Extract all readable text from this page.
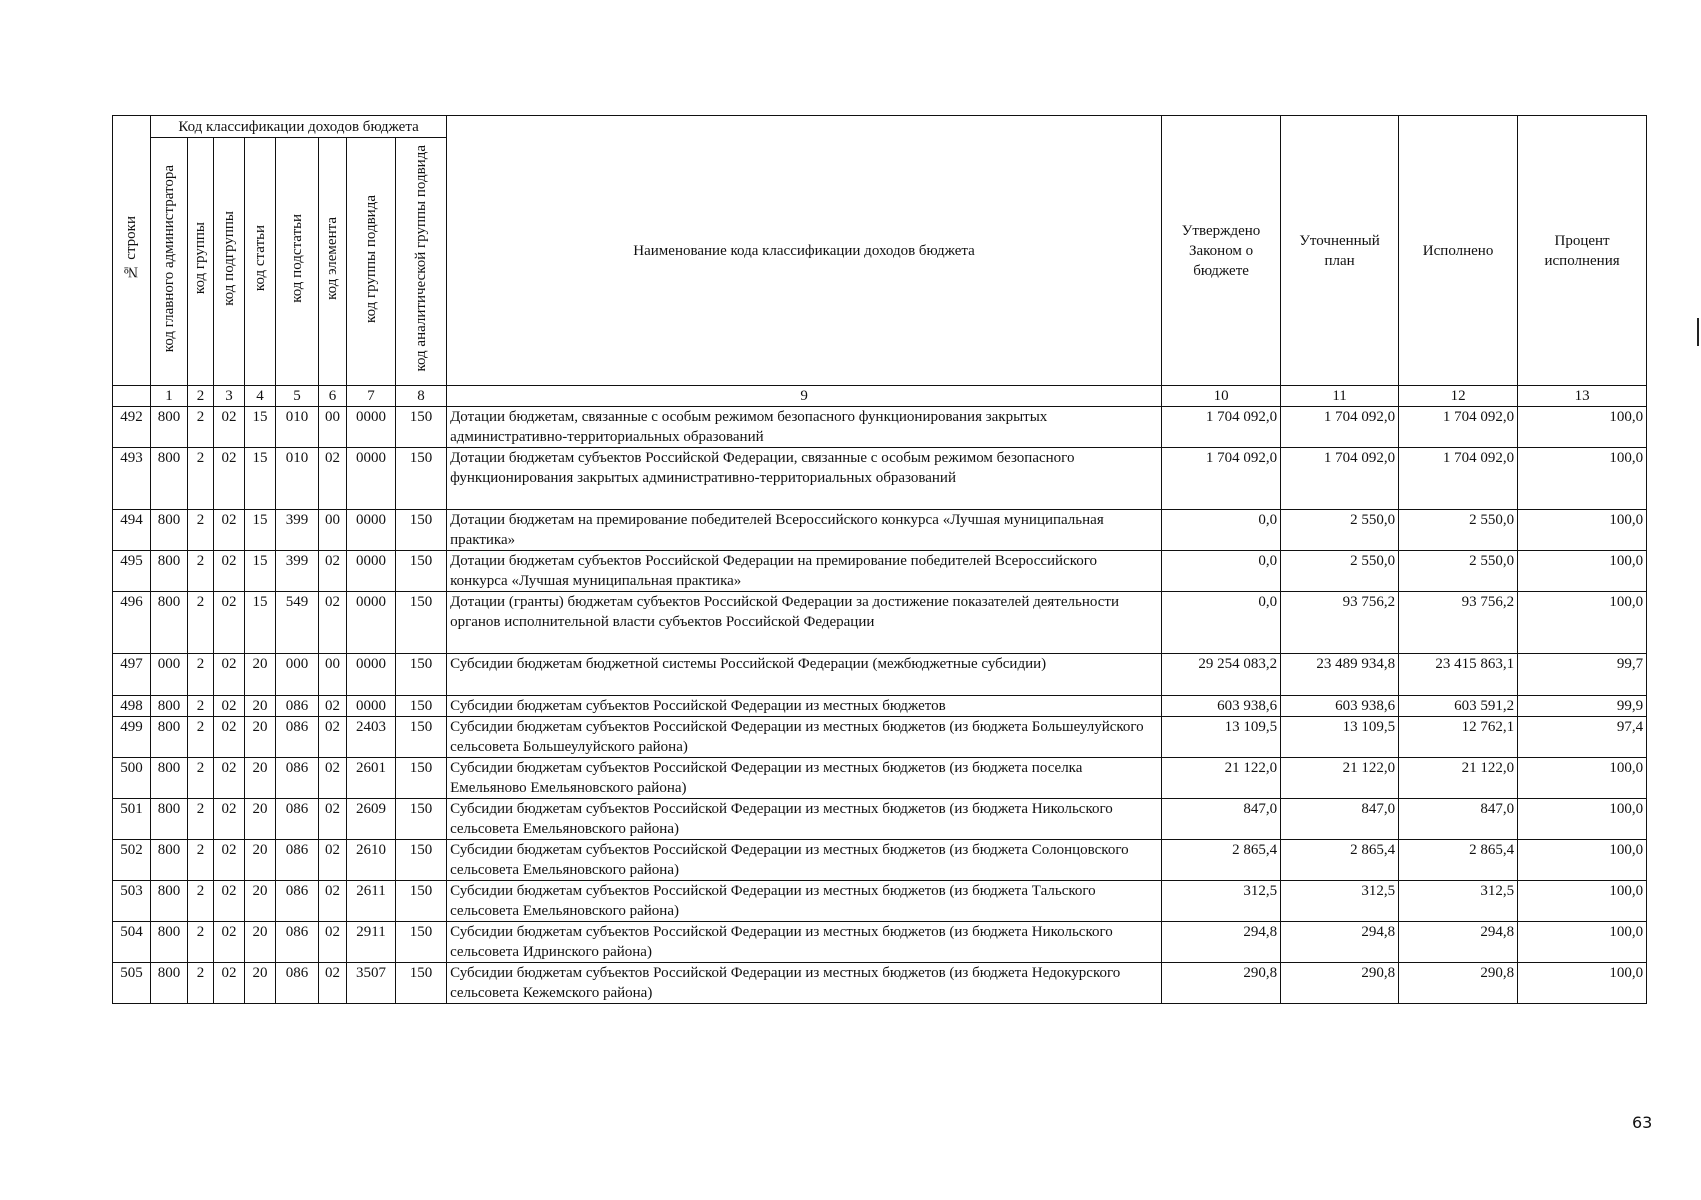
№ строки	Код классификации доходов бюджета								Наименование кода классификации доходов бюджета	Утверждено Законом о бюджете	Уточненный план	Исполнено	Процент исполнения
	код главного администратора	код группы	код подгруппы	код статьи	код подстатьи	код элемента	код группы подвида	код аналитической группы подвида					
	1	2	3	4	5	6	7	8	9	10	11	12	13
492	800	2	02	15	010	00	0000	150	Дотации бюджетам, связанные с особым режимом безопасного функционирования закрытых административно-территориальных образований	1 704 092,0	1 704 092,0	1 704 092,0	100,0
493	800	2	02	15	010	02	0000	150	Дотации бюджетам субъектов Российской Федерации, связанные с особым режимом безопасного функционирования закрытых административно-территориальных образований	1 704 092,0	1 704 092,0	1 704 092,0	100,0
494	800	2	02	15	399	00	0000	150	Дотации бюджетам на премирование победителей Всероссийского конкурса «Лучшая муниципальная практика»	0,0	2 550,0	2 550,0	100,0
495	800	2	02	15	399	02	0000	150	Дотации бюджетам субъектов Российской Федерации на премирование победителей Всероссийского конкурса «Лучшая муниципальная практика»	0,0	2 550,0	2 550,0	100,0
496	800	2	02	15	549	02	0000	150	Дотации (гранты) бюджетам субъектов Российской Федерации за достижение показателей деятельности органов исполнительной власти субъектов Российской Федерации	0,0	93 756,2	93 756,2	100,0
497	000	2	02	20	000	00	0000	150	Субсидии бюджетам бюджетной системы Российской Федерации (межбюджетные субсидии)	29 254 083,2	23 489 934,8	23 415 863,1	99,7
498	800	2	02	20	086	02	0000	150	Субсидии бюджетам субъектов Российской Федерации из местных бюджетов	603 938,6	603 938,6	603 591,2	99,9
499	800	2	02	20	086	02	2403	150	Субсидии бюджетам субъектов Российской Федерации из местных бюджетов (из бюджета Большеулуйского сельсовета Большеулуйского района)	13 109,5	13 109,5	12 762,1	97,4
500	800	2	02	20	086	02	2601	150	Субсидии бюджетам субъектов Российской Федерации из местных бюджетов (из бюджета поселка Емельяново Емельяновского района)	21 122,0	21 122,0	21 122,0	100,0
501	800	2	02	20	086	02	2609	150	Субсидии бюджетам субъектов Российской Федерации из местных бюджетов (из бюджета Никольского сельсовета Емельяновского района)	847,0	847,0	847,0	100,0
502	800	2	02	20	086	02	2610	150	Субсидии бюджетам субъектов Российской Федерации из местных бюджетов (из бюджета Солонцовского сельсовета Емельяновского района)	2 865,4	2 865,4	2 865,4	100,0
503	800	2	02	20	086	02	2611	150	Субсидии бюджетам субъектов Российской Федерации из местных бюджетов (из бюджета Тальского сельсовета Емельяновского района)	312,5	312,5	312,5	100,0
504	800	2	02	20	086	02	2911	150	Субсидии бюджетам субъектов Российской Федерации из местных бюджетов (из бюджета Никольского сельсовета Идринского района)	294,8	294,8	294,8	100,0
505	800	2	02	20	086	02	3507	150	Субсидии бюджетам субъектов Российской Федерации из местных бюджетов (из бюджета Недокурского сельсовета Кежемского района)	290,8	290,8	290,8	100,0
63
